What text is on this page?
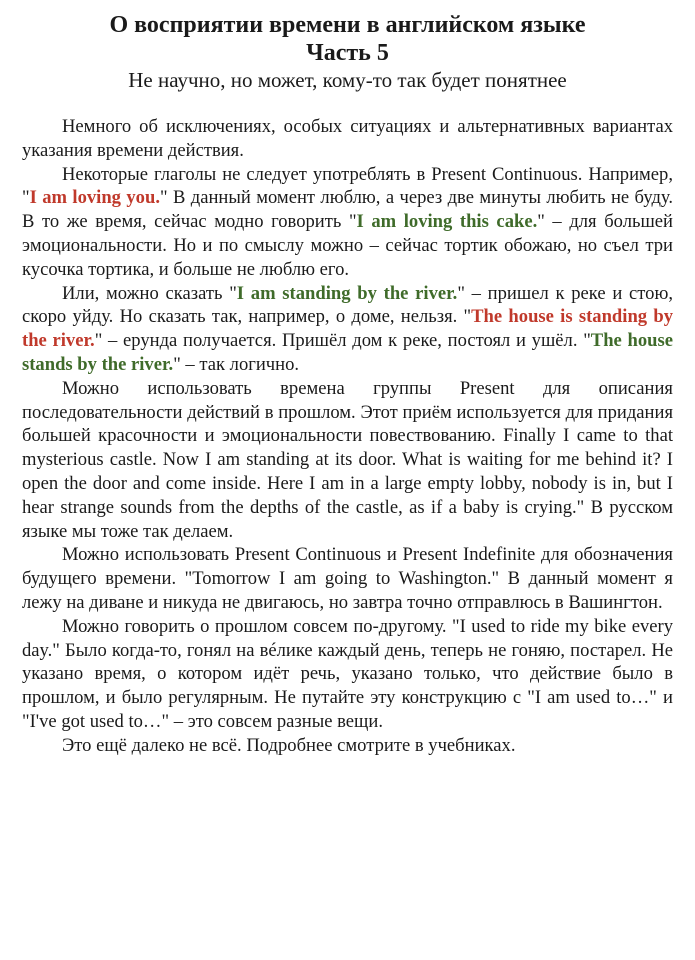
О восприятии времени в английском языке
Часть 5
Не научно, но может, кому-то так будет понятнее

Немного об исключениях, особых ситуациях и альтернативных вариантах указания времени действия.

Некоторые глаголы не следует употреблять в Present Continuous. Например, "I am loving you." В данный момент люблю, а через две минуты любить не буду. В то же время, сейчас модно говорить "I am loving this cake." – для большей эмоциональности. Но и по смыслу можно – сейчас тортик обожаю, но съел три кусочка тортика, и больше не люблю его.

Или, можно сказать "I am standing by the river." – пришел к реке и стою, скоро уйду. Но сказать так, например, о доме, нельзя. "The house is standing by the river." – ерунда получается. Пришёл дом к реке, постоял и ушёл. "The house stands by the river." – так логично.

Можно использовать времена группы Present для описания последовательности действий в прошлом. Этот приём используется для придания большей красочности и эмоциональности повествованию. Finally I came to that mysterious castle. Now I am standing at its door. What is waiting for me behind it? I open the door and come inside. Here I am in a large empty lobby, nobody is in, but I hear strange sounds from the depths of the castle, as if a baby is crying." В русском языке мы тоже так делаем.

Можно использовать Present Continuous и Present Indefinite для обозначения будущего времени. "Tomorrow I am going to Washington." В данный момент я лежу на диване и никуда не двигаюсь, но завтра точно отправлюсь в Вашингтон.

Можно говорить о прошлом совсем по-другому. "I used to ride my bike every day." Было когда-то, гонял на вéлике каждый день, теперь не гоняю, постарел. Не указано время, о котором идёт речь, указано только, что действие было в прошлом, и было регулярным. Не путайте эту конструкцию с "I am used to…" и "I've got used to…" – это совсем разные вещи.

Это ещё далеко не всё. Подробнее смотрите в учебниках.
